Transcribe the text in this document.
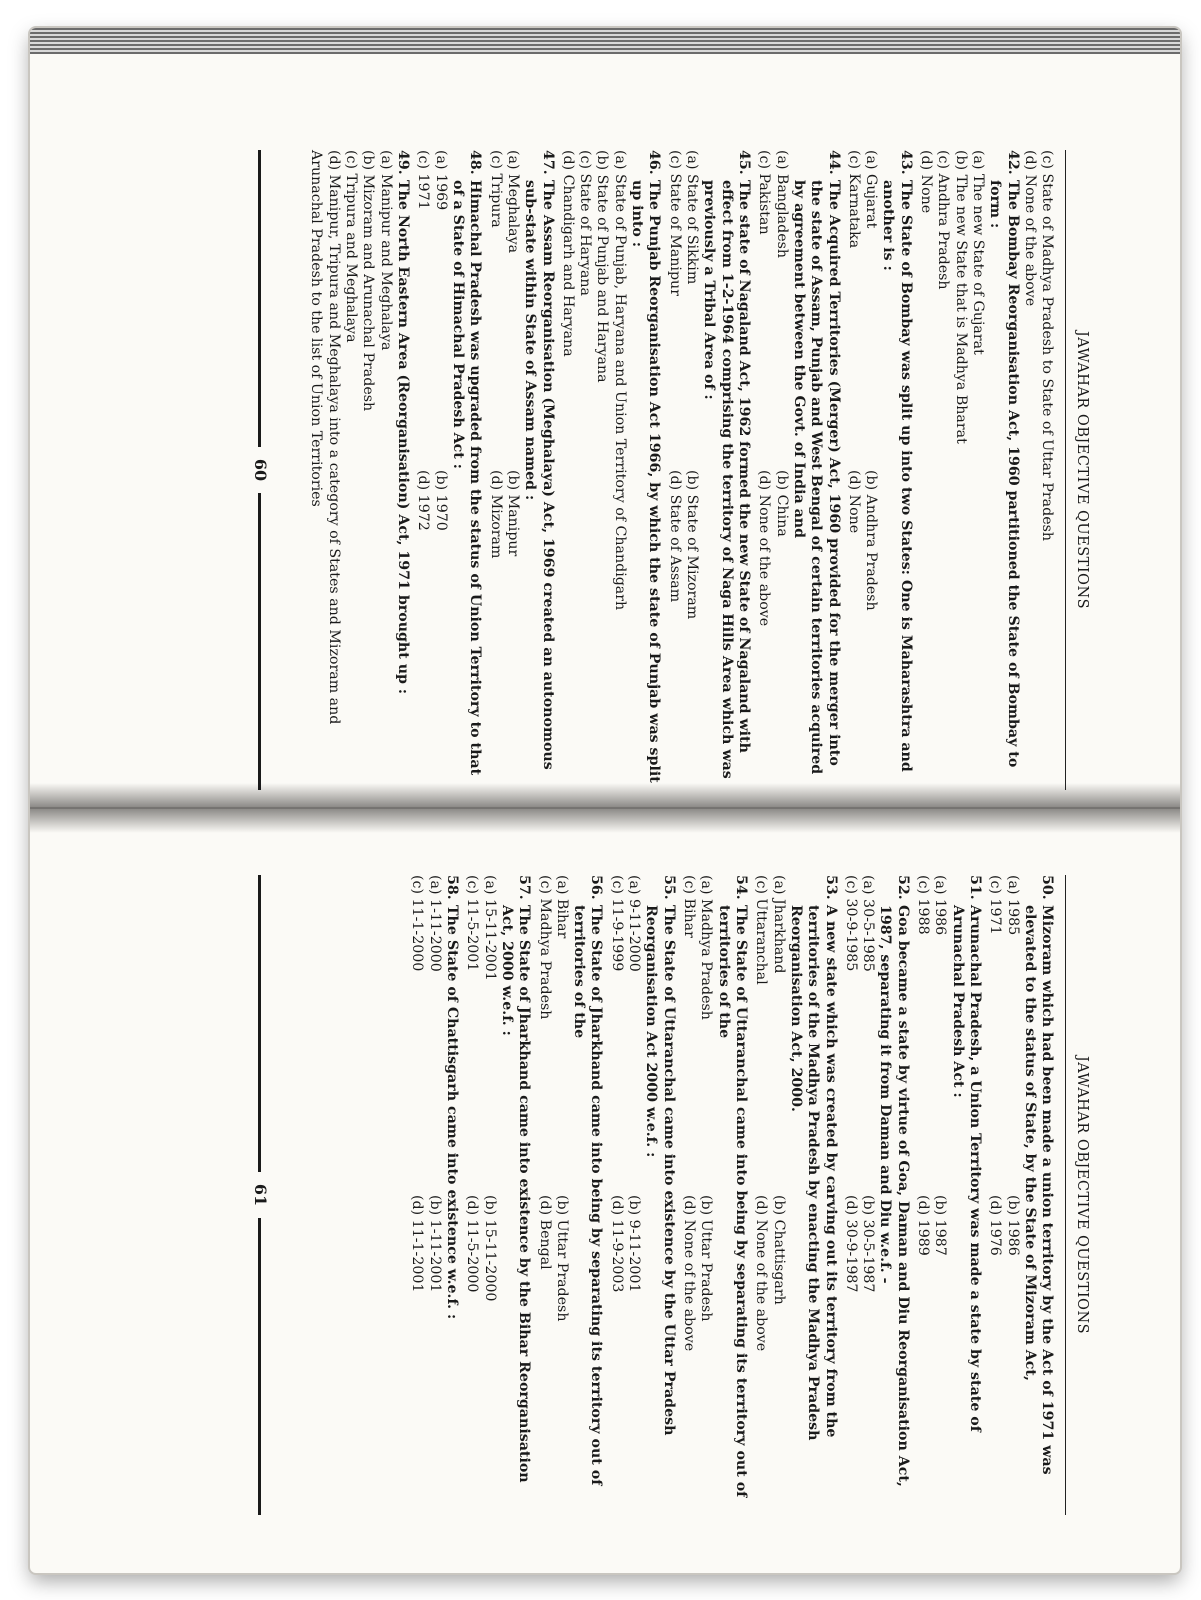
JAWAHAR OBJECTIVE QUESTIONS
(c) State of Madhya Pradesh to State of Uttar Pradesh
(d) None of the above
42.
The Bombay Reorganisation Act, 1960 partitioned the State of Bombay to form :
(a) The new State of Gujarat
(b) The new State that is Madhya Bharat
(c) Andhra Pradesh
(d) None
43.
The State of Bombay was split up into two States: One is Maharashtra and another is :
(a) Gujarat
(b) Andhra Pradesh
(c) Karnataka
(d) None
44.
The Acquired Territories (Merger) Act, 1960 provided for the merger into the state of Assam, Punjab and West Bengal of certain territories acquired by agreement between the Govt. of India and
(a) Bangladesh
(b) China
(c) Pakistan
(d) None of the above
45.
The state of Nagaland Act, 1962 formed the new State of Nagaland with effect from 1-2-1964 comprising the territory of Naga Hills Area which was previously a Tribal Area of :
(a) State of Sikkim
(b) State of Mizoram
(c) State of Manipur
(d) State of Assam
46.
The Punjab Reorganisation Act 1966, by which the state of Punjab was split up into :
(a) State of Punjab, Haryana and Union Territory of Chandigarh
(b) State of Punjab and Haryana
(c) State of Haryana
(d) Chandigarh and Haryana
47.
The Assam Reorganisation (Meghalaya) Act, 1969 created an autonomous sub-state within State of Assam named :
(a) Meghalaya
(b) Manipur
(c) Tripura
(d) Mizoram
48.
Himachal Pradesh was upgraded from the status of Union Territory to that of a State of Himachal Pradesh Act :
(a) 1969
(b) 1970
(c) 1971
(d) 1972
49.
The North Eastern Area (Reorganisation) Act, 1971 brought up :
(a) Manipur and Meghalaya
(b) Mizoram and Arunachal Pradesh
(c) Tripura and Meghalaya
(d) Manipur, Tripura and Meghalaya into a category of States and Mizoram and Arunachal Pradesh to the list of Union Territories
60
JAWAHAR OBJECTIVE QUESTIONS
50.
Mizoram which had been made a union territory by the Act of 1971 was elevated to the status of State, by the State of Mizoram Act,
(a) 1985
(b) 1986
(c) 1971
(d) 1976
51.
Arunachal Pradesh, a Union Territory was made a state by state of Arunachal Pradesh Act :
(a) 1986
(b) 1987
(c) 1988
(d) 1989
52.
Goa became a state by virtue of Goa, Daman and Diu Reorganisation Act, 1987, separating it from Daman and Diu w.e.f. -
(a) 30-5-1985
(b) 30-5-1987
(c) 30-9-1985
(d) 30-9-1987
53.
A new state which was created by carving out its territory from the territories of the Madhya Pradesh by enacting the Madhya Pradesh Reorganisation Act, 2000.
(a) Jharkhand
(b) Chattisgarh
(c) Uttaranchal
(d) None of the above
54.
The State of Uttaranchal came into being by separating its territory out of territories of the
(a) Madhya Pradesh
(b) Uttar Pradesh
(c) Bihar
(d) None of the above
55.
The State of Uttaranchal came into existence by the Uttar Pradesh Reorganisation Act 2000 w.e.f. :
(a) 9-11-2000
(b) 9-11-2001
(c) 11-9-1999
(d) 11-9-2003
56.
The State of Jharkhand came into being by separating its territory out of territories of the
(a) Bihar
(b) Uttar Pradesh
(c) Madhya Pradesh
(d) Bengal
57.
The State of Jharkhand came into existence by the Bihar Reorganisation Act, 2000 w.e.f. :
(a) 15-11-2001
(b) 15-11-2000
(c) 11-5-2001
(d) 11-5-2000
58.
The State of Chattisgarh came into existence w.e.f. :
(a) 1-11-2000
(b) 1-11-2001
(c) 11-1-2000
(d) 11-1-2001
61
